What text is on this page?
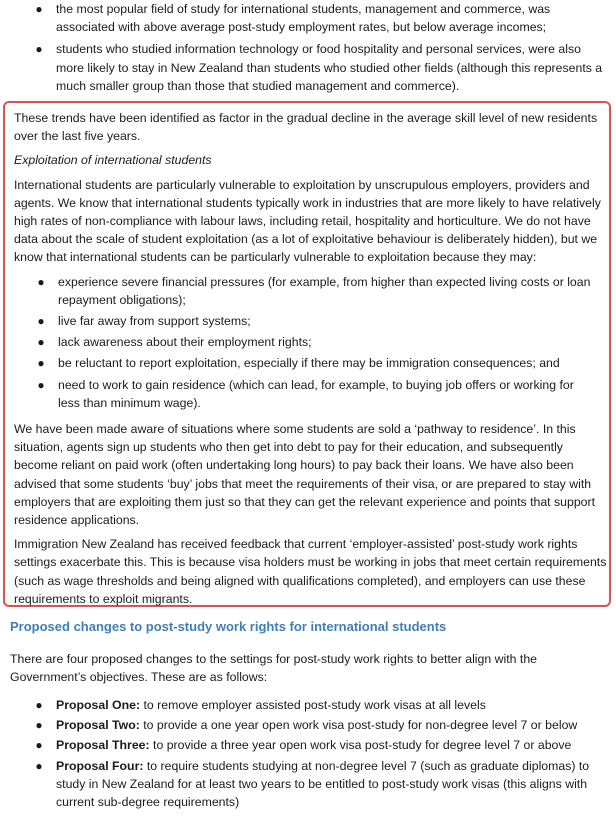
● the most popular field of study for international students, management and commerce, was associated with above average post-study employment rates, but below average incomes;
● students who studied information technology or food hospitality and personal services, were also more likely to stay in New Zealand than students who studied other fields (although this represents a much smaller group than those that studied management and commerce).

These trends have been identified as factor in the gradual decline in the average skill level of new residents over the last five years.

Exploitation of international students

International students are particularly vulnerable to exploitation by unscrupulous employers, providers and agents. We know that international students typically work in industries that are more likely to have relatively high rates of non-compliance with labour laws, including retail, hospitality and horticulture. We do not have data about the scale of student exploitation (as a lot of exploitative behaviour is deliberately hidden), but we know that international students can be particularly vulnerable to exploitation because they may:

● experience severe financial pressures (for example, from higher than expected living costs or loan repayment obligations);
● live far away from support systems;
● lack awareness about their employment rights;
● be reluctant to report exploitation, especially if there may be immigration consequences; and
● need to work to gain residence (which can lead, for example, to buying job offers or working for less than minimum wage).

We have been made aware of situations where some students are sold a ‘pathway to residence’. In this situation, agents sign up students who then get into debt to pay for their education, and subsequently become reliant on paid work (often undertaking long hours) to pay back their loans. We have also been advised that some students ‘buy’ jobs that meet the requirements of their visa, or are prepared to stay with employers that are exploiting them just so that they can get the relevant experience and points that support residence applications.

Immigration New Zealand has received feedback that current ‘employer-assisted’ post-study work rights settings exacerbate this. This is because visa holders must be working in jobs that meet certain requirements (such as wage thresholds and being aligned with qualifications completed), and employers can use these requirements to exploit migrants.

Proposed changes to post-study work rights for international students

There are four proposed changes to the settings for post-study work rights to better align with the Government’s objectives. These are as follows:

● Proposal One: to remove employer assisted post-study work visas at all levels
● Proposal Two: to provide a one year open work visa post-study for non-degree level 7 or below
● Proposal Three: to provide a three year open work visa post-study for degree level 7 or above
● Proposal Four: to require students studying at non-degree level 7 (such as graduate diplomas) to study in New Zealand for at least two years to be entitled to post-study work visas (this aligns with current sub-degree requirements)
